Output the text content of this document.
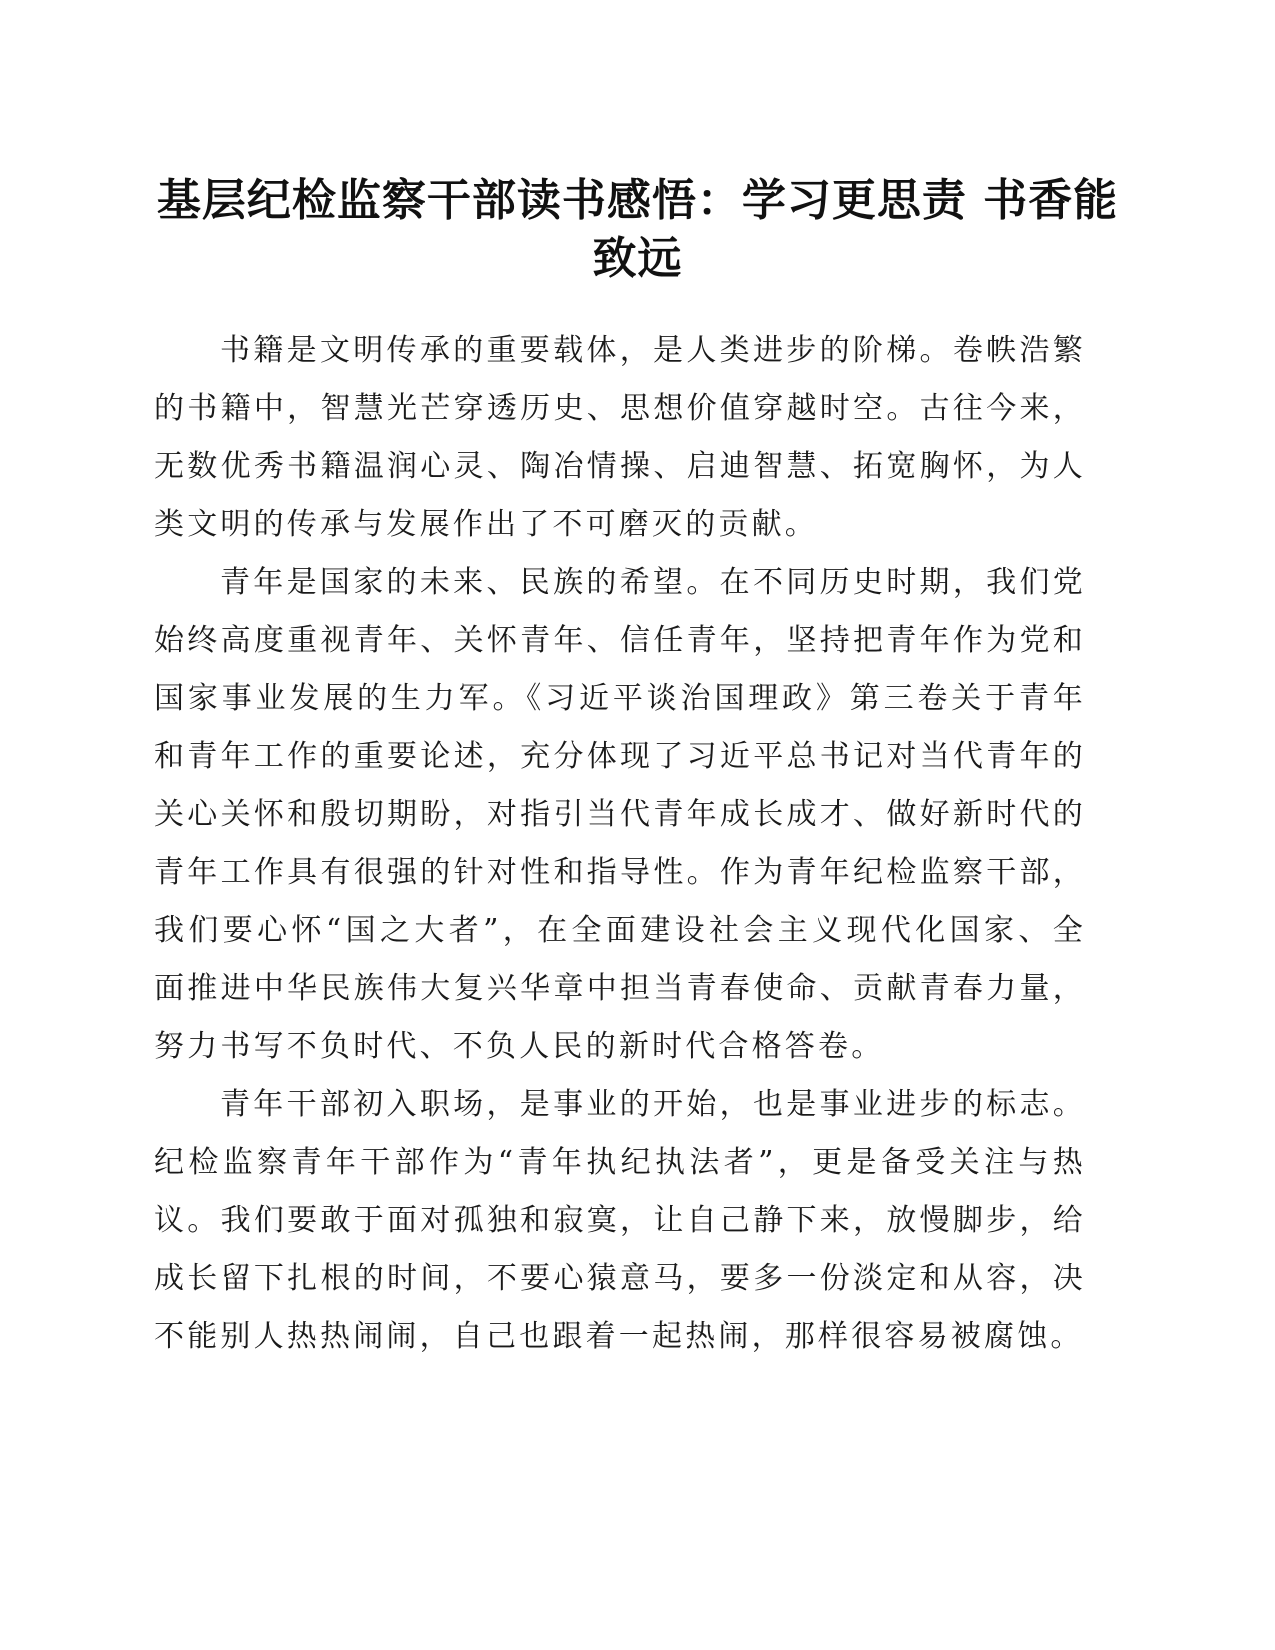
基层纪检监察干部读书感悟：学习更思责 书香能致远

书籍是文明传承的重要载体，是人类进步的阶梯。卷帙浩繁的书籍中，智慧光芒穿透历史、思想价值穿越时空。古往今来，无数优秀书籍温润心灵、陶冶情操、启迪智慧、拓宽胸怀，为人类文明的传承与发展作出了不可磨灭的贡献。

青年是国家的未来、民族的希望。在不同历史时期，我们党始终高度重视青年、关怀青年、信任青年，坚持把青年作为党和国家事业发展的生力军。《习近平谈治国理政》第三卷关于青年和青年工作的重要论述，充分体现了习近平总书记对当代青年的关心关怀和殷切期盼，对指引当代青年成长成才、做好新时代的青年工作具有很强的针对性和指导性。作为青年纪检监察干部，我们要心怀“国之大者”，在全面建设社会主义现代化国家、全面推进中华民族伟大复兴华章中担当青春使命、贡献青春力量，努力书写不负时代、不负人民的新时代合格答卷。

青年干部初入职场，是事业的开始，也是事业进步的标志。纪检监察青年干部作为“青年执纪执法者”，更是备受关注与热议。我们要敢于面对孤独和寂寞，让自己静下来，放慢脚步，给成长留下扎根的时间，不要心猿意马，要多一份淡定和从容，决不能别人热热闹闹，自己也跟着一起热闹，那样很容易被腐蚀。
